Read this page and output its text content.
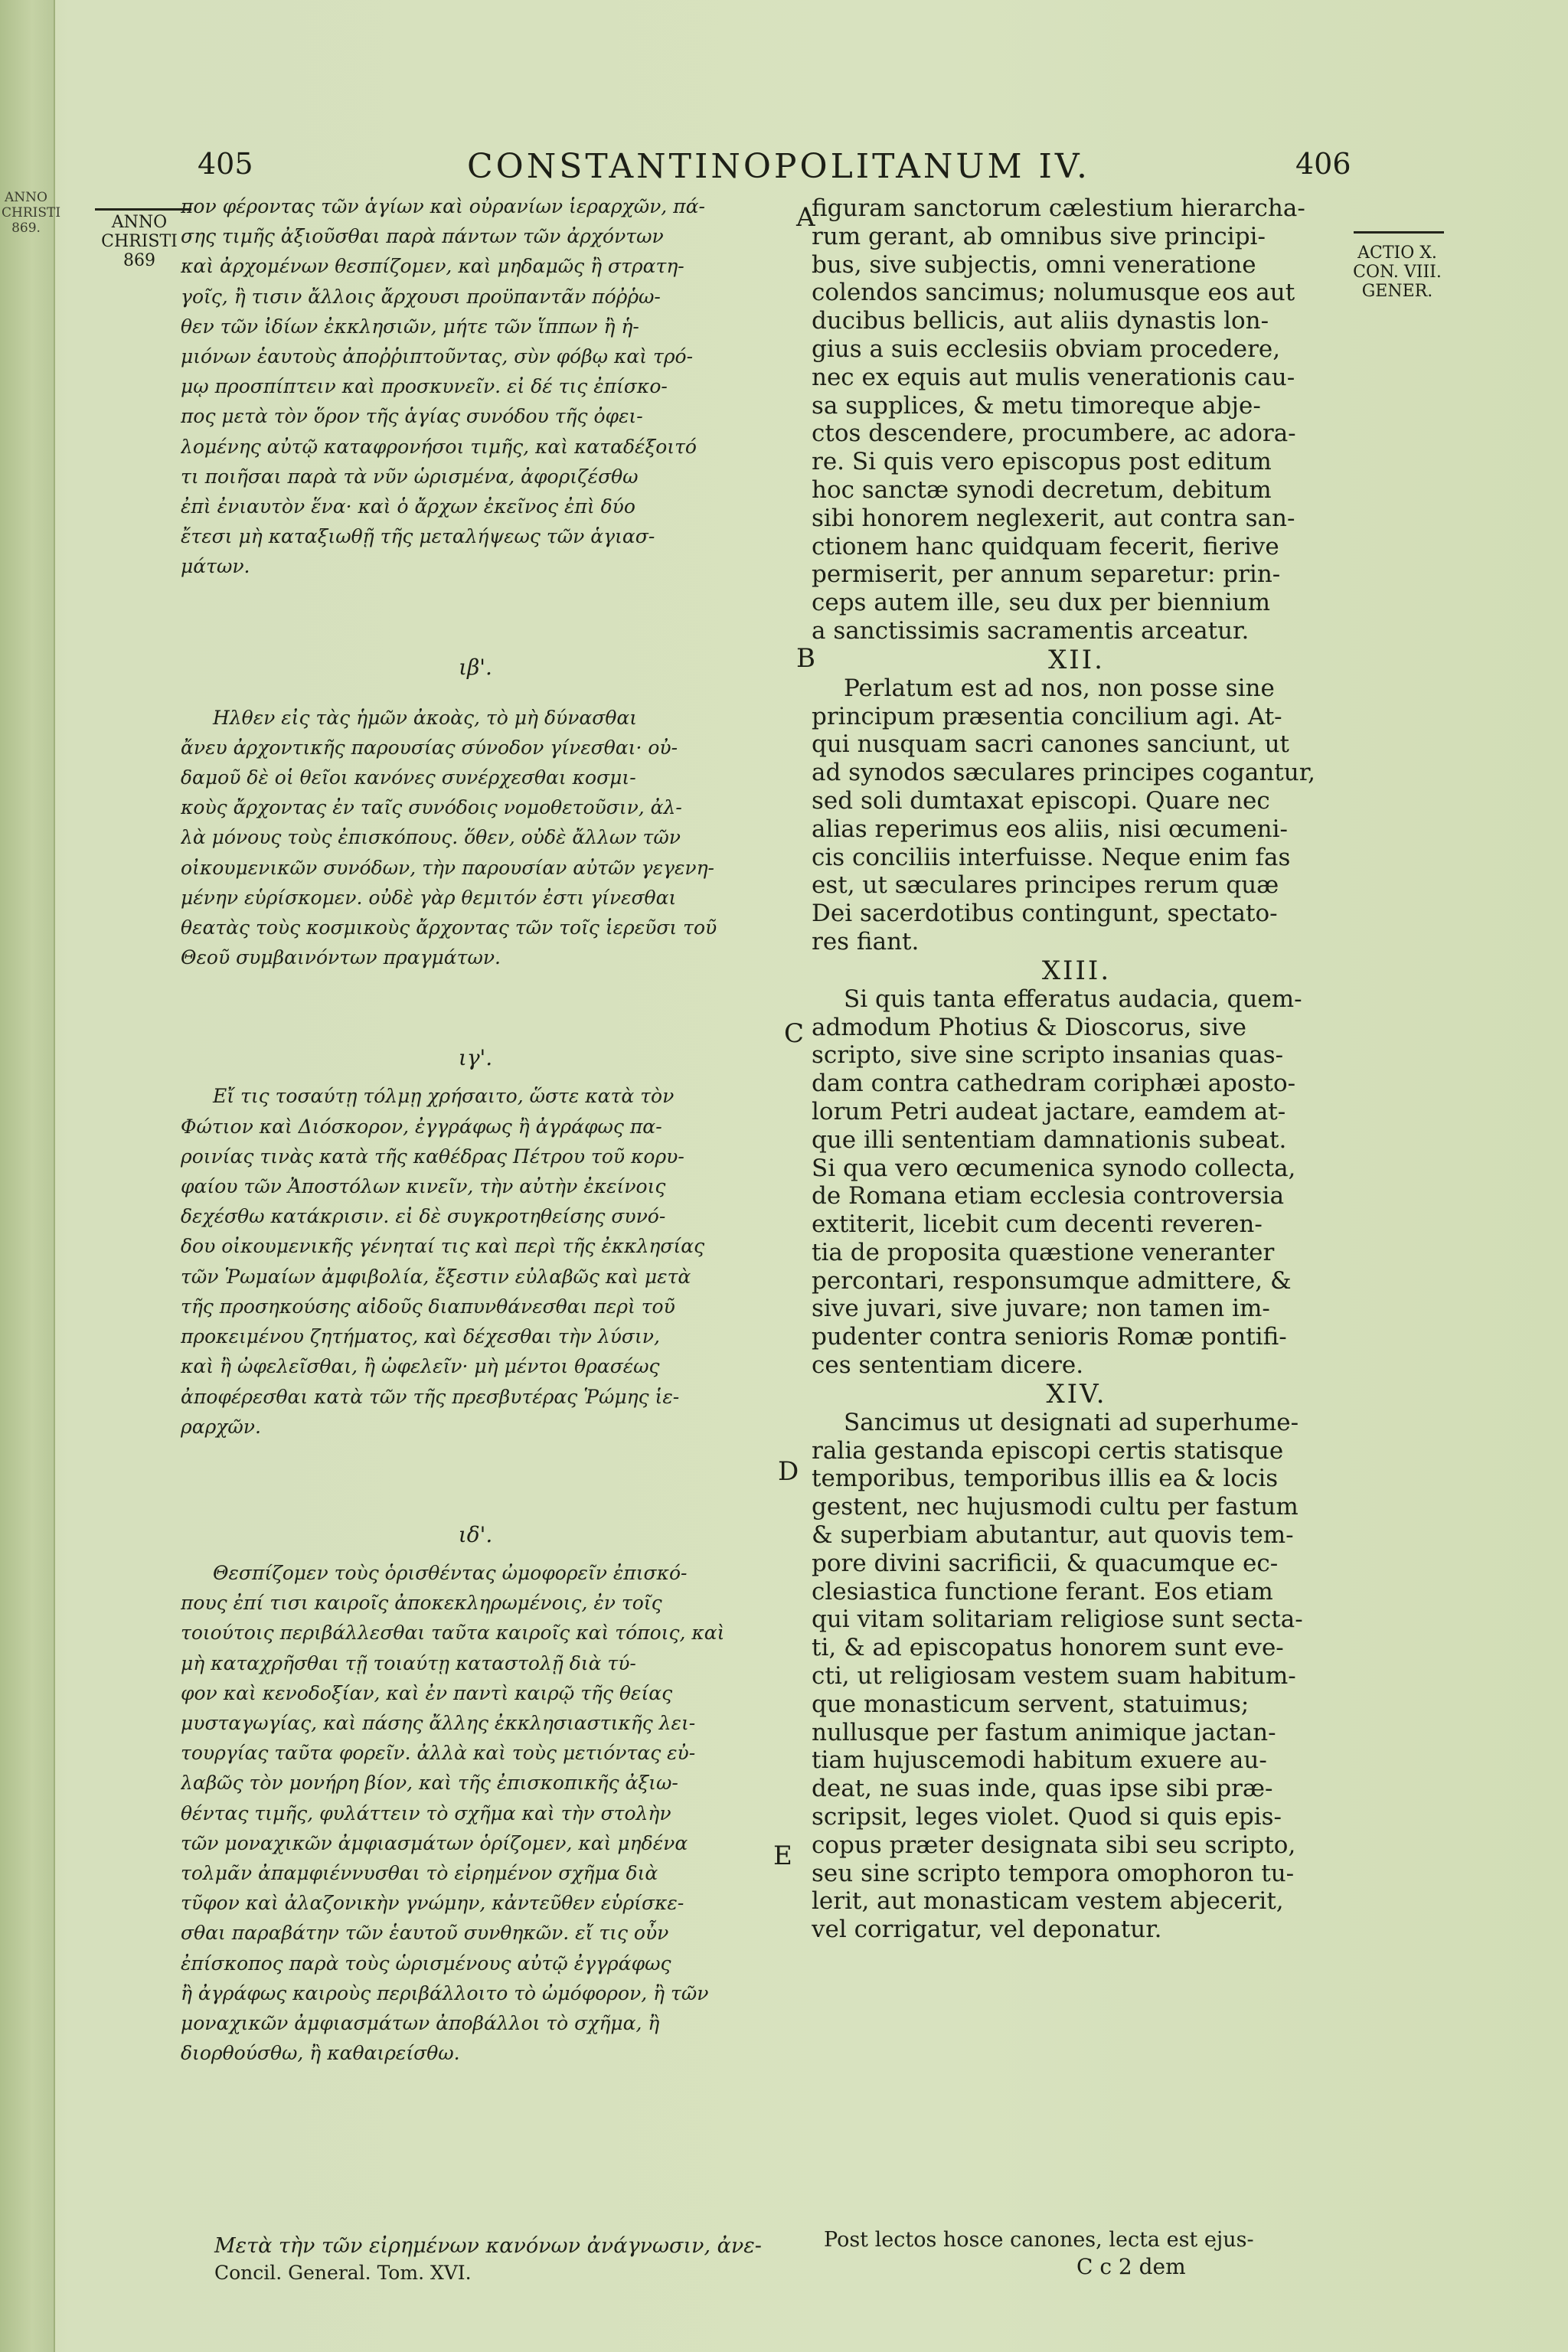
ANNO
CHRISTI
869.
405	CONSTANTINOPOLITANUM IV.	406
ANNO
CHRISTI
869	ACTIO X.
CON. VIII.
GENER.
A
B
C
D
E
πον φέροντας τῶν ἁγίων καὶ οὐρανίων ἱεραρχῶν, πά-
σης τιμῆς ἀξιοῦσθαι παρὰ πάντων τῶν ἀρχόντων
καὶ ἀρχομένων θεσπίζομεν, καὶ μηδαμῶς ἢ στρατη-
γοῖς, ἢ τισιν ἄλλοις ἄρχουσι προϋπαντᾶν πόῤῥω-
θεν τῶν ἰδίων ἐκκλησιῶν, μήτε τῶν ἵππων ἢ ἡ-
μιόνων ἑαυτοὺς ἀποῤῥιπτοῦντας, σὺν φόβῳ καὶ τρό-
μῳ προσπίπτειν καὶ προσκυνεῖν. εἰ δέ τις ἐπίσκο-
πος μετὰ τὸν ὅρον τῆς ἁγίας συνόδου τῆς ὀφει-
λομένης αὐτῷ καταφρονήσοι τιμῆς, καὶ καταδέξοιτό
τι ποιῆσαι παρὰ τὰ νῦν ὡρισμένα, ἀφοριζέσθω
ἐπὶ ἐνιαυτὸν ἕνα· καὶ ὁ ἄρχων ἐκεῖνος ἐπὶ δύο
ἔτεσι μὴ καταξιωθῇ τῆς μεταλήψεως τῶν ἁγιασ-
μάτων.
ιβ'.
Ηλθεν εἰς τὰς ἡμῶν ἀκοὰς, τὸ μὴ δύνασθαι
ἄνευ ἀρχοντικῆς παρουσίας σύνοδον γίνεσθαι· οὐ-
δαμοῦ δὲ οἱ θεῖοι κανόνες συνέρχεσθαι κοσμι-
κοὺς ἄρχοντας ἐν ταῖς συνόδοις νομοθετοῦσιν, ἀλ-
λὰ μόνους τοὺς ἐπισκόπους. ὅθεν, οὐδὲ ἄλλων τῶν
οἰκουμενικῶν συνόδων, τὴν παρουσίαν αὐτῶν γεγενη-
μένην εὑρίσκομεν. οὐδὲ γὰρ θεμιτόν ἐστι γίνεσθαι
θεατὰς τοὺς κοσμικοὺς ἄρχοντας τῶν τοῖς ἱερεῦσι τοῦ
Θεοῦ συμβαινόντων πραγμάτων.
ιγ'.
Εἴ τις τοσαύτῃ τόλμῃ χρήσαιτο, ὥστε κατὰ τὸν
Φώτιον καὶ Διόσκορον, ἐγγράφως ἢ ἀγράφως πα-
ροινίας τινὰς κατὰ τῆς καθέδρας Πέτρου τοῦ κορυ-
φαίου τῶν Ἀποστόλων κινεῖν, τὴν αὐτὴν ἐκείνοις
δεχέσθω κατάκρισιν. εἰ δὲ συγκροτηθείσης συνό-
δου οἰκουμενικῆς γένηταί τις καὶ περὶ τῆς ἐκκλησίας
τῶν Ῥωμαίων ἀμφιβολία, ἔξεστιν εὐλαβῶς καὶ μετὰ
τῆς προσηκούσης αἰδοῦς διαπυνθάνεσθαι περὶ τοῦ
προκειμένου ζητήματος, καὶ δέχεσθαι τὴν λύσιν,
καὶ ἢ ὠφελεῖσθαι, ἢ ὠφελεῖν· μὴ μέντοι θρασέως
ἀποφέρεσθαι κατὰ τῶν τῆς πρεσβυτέρας Ῥώμης ἱε-
ραρχῶν.
ιδ'.
Θεσπίζομεν τοὺς ὁρισθέντας ὠμοφορεῖν ἐπισκό-
πους ἐπί τισι καιροῖς ἀποκεκληρωμένοις, ἐν τοῖς
τοιούτοις περιβάλλεσθαι ταῦτα καιροῖς καὶ τόποις, καὶ
μὴ καταχρῆσθαι τῇ τοιαύτῃ καταστολῇ διὰ τύ-
φον καὶ κενοδοξίαν, καὶ ἐν παντὶ καιρῷ τῆς θείας
μυσταγωγίας, καὶ πάσης ἄλλης ἐκκλησιαστικῆς λει-
τουργίας ταῦτα φορεῖν. ἀλλὰ καὶ τοὺς μετιόντας εὐ-
λαβῶς τὸν μονήρη βίον, καὶ τῆς ἐπισκοπικῆς ἀξιω-
θέντας τιμῆς, φυλάττειν τὸ σχῆμα καὶ τὴν στολὴν
τῶν μοναχικῶν ἀμφιασμάτων ὁρίζομεν, καὶ μηδένα
τολμᾶν ἀπαμφιέννυσθαι τὸ εἰρημένον σχῆμα διὰ
τῦφον καὶ ἀλαζονικὴν γνώμην, κἀντεῦθεν εὑρίσκε-
σθαι παραβάτην τῶν ἑαυτοῦ συνθηκῶν. εἴ τις οὖν
ἐπίσκοπος παρὰ τοὺς ὡρισμένους αὐτῷ ἐγγράφως
ἢ ἀγράφως καιροὺς περιβάλλοιτο τὸ ὠμόφορον, ἢ τῶν
μοναχικῶν ἀμφιασμάτων ἀποβάλλοι τὸ σχῆμα, ἢ
διορθούσθω, ἢ καθαιρείσθω.
figuram sanctorum cælestium hierarcha-
rum gerant, ab omnibus sive principi-
bus, sive subjectis, omni veneratione
colendos sancimus; nolumusque eos aut
ducibus bellicis, aut aliis dynastis lon-
gius a suis ecclesiis obviam procedere,
nec ex equis aut mulis venerationis cau-
sa supplices, & metu timoreque abje-
ctos descendere, procumbere, ac adora-
re. Si quis vero episcopus post editum
hoc sanctæ synodi decretum, debitum
sibi honorem neglexerit, aut contra san-
ctionem hanc quidquam fecerit, fierive
permiserit, per annum separetur: prin-
ceps autem ille, seu dux per biennium
a sanctissimis sacramentis arceatur.
XII.
Perlatum est ad nos, non posse sine
principum præsentia concilium agi. At-
qui nusquam sacri canones sanciunt, ut
ad synodos sæculares principes cogantur,
sed soli dumtaxat episcopi. Quare nec
alias reperimus eos aliis, nisi œcumeni-
cis conciliis interfuisse. Neque enim fas
est, ut sæculares principes rerum quæ
Dei sacerdotibus contingunt, spectato-
res fiant.
XIII.
Si quis tanta efferatus audacia, quem-
admodum Photius & Dioscorus, sive
scripto, sive sine scripto insanias quas-
dam contra cathedram coriphæi aposto-
lorum Petri audeat jactare, eamdem at-
que illi sententiam damnationis subeat.
Si qua vero œcumenica synodo collecta,
de Romana etiam ecclesia controversia
extiterit, licebit cum decenti reveren-
tia de proposita quæstione veneranter
percontari, responsumque admittere, &
sive juvari, sive juvare; non tamen im-
pudenter contra senioris Romæ pontifi-
ces sententiam dicere.
XIV.
Sancimus ut designati ad superhume-
ralia gestanda episcopi certis statisque
temporibus, temporibus illis ea & locis
gestent, nec hujusmodi cultu per fastum
& superbiam abutantur, aut quovis tem-
pore divini sacrificii, & quacumque ec-
clesiastica functione ferant. Eos etiam
qui vitam solitariam religiose sunt secta-
ti, & ad episcopatus honorem sunt eve-
cti, ut religiosam vestem suam habitum-
que monasticum servent, statuimus;
nullusque per fastum animique jactan-
tiam hujuscemodi habitum exuere au-
deat, ne suas inde, quas ipse sibi præ-
scripsit, leges violet. Quod si quis epis-
copus præter designata sibi seu scripto,
seu sine scripto tempora omophoron tu-
lerit, aut monasticam vestem abjecerit,
vel corrigatur, vel deponatur.
Μετὰ τὴν τῶν εἰρημένων κανόνων ἀνάγνωσιν, ἀνε-
Concil. General. Tom. XVI.
Post lectos hosce canones, lecta est ejus-
C c 2 dem
